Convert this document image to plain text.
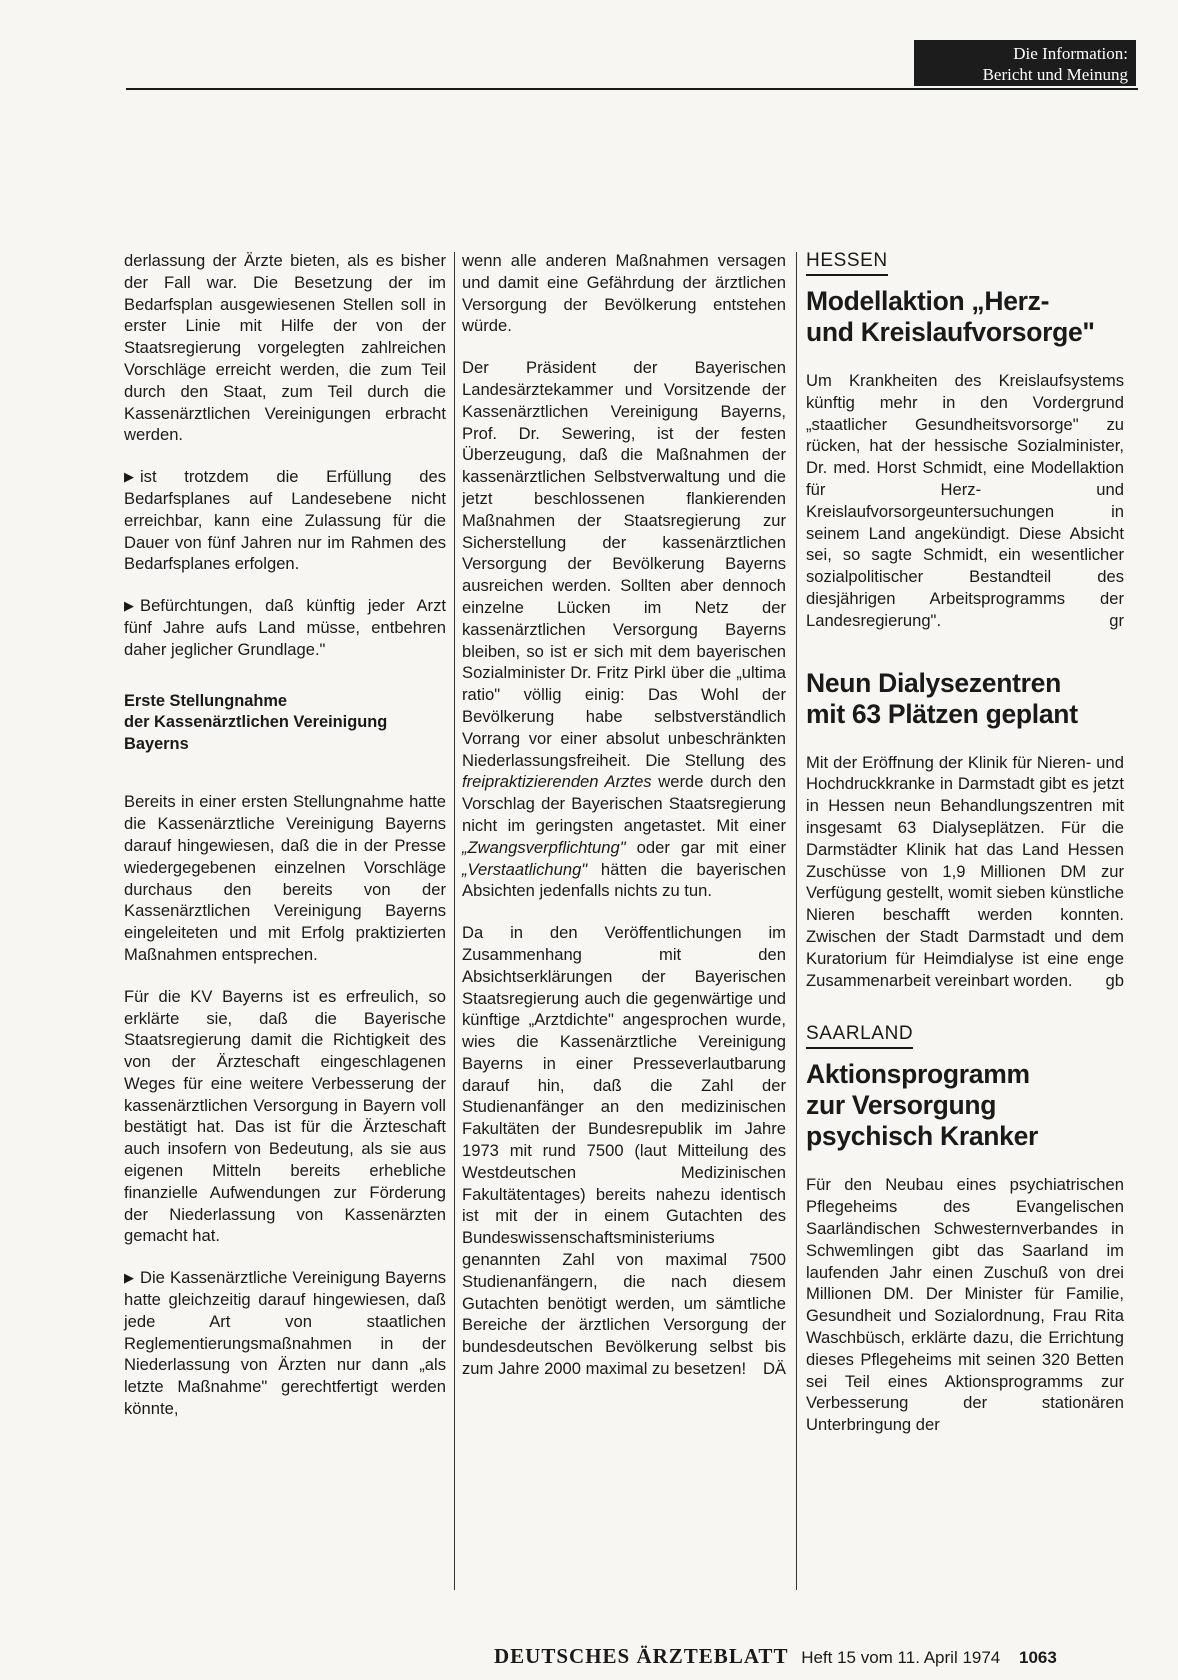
Die Information:
Bericht und Meinung

derlassung der Ärzte bieten, als es bisher der Fall war. Die Besetzung der im Bedarfsplan ausgewiesenen Stellen soll in erster Linie mit Hilfe der von der Staatsregierung vorgelegten zahlreichen Vorschläge erreicht werden, die zum Teil durch den Staat, zum Teil durch die Kassenärztlichen Vereinigungen erbracht werden.

▶ ist trotzdem die Erfüllung des Bedarfsplanes auf Landesebene nicht erreichbar, kann eine Zulassung für die Dauer von fünf Jahren nur im Rahmen des Bedarfsplanes erfolgen.

▶ Befürchtungen, daß künftig jeder Arzt fünf Jahre aufs Land müsse, entbehren daher jeglicher Grundlage."

Erste Stellungnahme
der Kassenärztlichen Vereinigung
Bayerns

Bereits in einer ersten Stellungnahme hatte die Kassenärztliche Vereinigung Bayerns darauf hingewiesen, daß die in der Presse wiedergegebenen einzelnen Vorschläge durchaus den bereits von der Kassenärztlichen Vereinigung Bayerns eingeleiteten und mit Erfolg praktizierten Maßnahmen entsprechen.

Für die KV Bayerns ist es erfreulich, so erklärte sie, daß die Bayerische Staatsregierung damit die Richtigkeit des von der Ärzteschaft eingeschlagenen Weges für eine weitere Verbesserung der kassenärztlichen Versorgung in Bayern voll bestätigt hat. Das ist für die Ärzteschaft auch insofern von Bedeutung, als sie aus eigenen Mitteln bereits erhebliche finanzielle Aufwendungen zur Förderung der Niederlassung von Kassenärzten gemacht hat.

▶ Die Kassenärztliche Vereinigung Bayerns hatte gleichzeitig darauf hingewiesen, daß jede Art von staatlichen Reglementierungsmaßnahmen in der Niederlassung von Ärzten nur dann „als letzte Maßnahme" gerechtfertigt werden könnte,

wenn alle anderen Maßnahmen versagen und damit eine Gefährdung der ärztlichen Versorgung der Bevölkerung entstehen würde.

Der Präsident der Bayerischen Landesärztekammer und Vorsitzende der Kassenärztlichen Vereinigung Bayerns, Prof. Dr. Sewering, ist der festen Überzeugung, daß die Maßnahmen der kassenärztlichen Selbstverwaltung und die jetzt beschlossenen flankierenden Maßnahmen der Staatsregierung zur Sicherstellung der kassenärztlichen Versorgung der Bevölkerung Bayerns ausreichen werden. Sollten aber dennoch einzelne Lücken im Netz der kassenärztlichen Versorgung Bayerns bleiben, so ist er sich mit dem bayerischen Sozialminister Dr. Fritz Pirkl über die „ultima ratio" völlig einig: Das Wohl der Bevölkerung habe selbstverständlich Vorrang vor einer absolut unbeschränkten Niederlassungsfreiheit. Die Stellung des freipraktizierenden Arztes werde durch den Vorschlag der Bayerischen Staatsregierung nicht im geringsten angetastet. Mit einer „Zwangsverpflichtung" oder gar mit einer „Verstaatlichung" hätten die bayerischen Absichten jedenfalls nichts zu tun.

Da in den Veröffentlichungen im Zusammenhang mit den Absichtserklärungen der Bayerischen Staatsregierung auch die gegenwärtige und künftige „Arztdichte" angesprochen wurde, wies die Kassenärztliche Vereinigung Bayerns in einer Presseverlautbarung darauf hin, daß die Zahl der Studienanfänger an den medizinischen Fakultäten der Bundesrepublik im Jahre 1973 mit rund 7500 (laut Mitteilung des Westdeutschen Medizinischen Fakultätentages) bereits nahezu identisch ist mit der in einem Gutachten des Bundeswissenschaftsministeriums genannten Zahl von maximal 7500 Studienanfängern, die nach diesem Gutachten benötigt werden, um sämtliche Bereiche der ärztlichen Versorgung der bundesdeutschen Bevölkerung selbst bis zum Jahre 2000 maximal zu besetzen! DÄ

HESSEN
Modellaktion „Herz-
und Kreislaufvorsorge"

Um Krankheiten des Kreislaufsystems künftig mehr in den Vordergrund „staatlicher Gesundheitsvorsorge" zu rücken, hat der hessische Sozialminister, Dr. med. Horst Schmidt, eine Modellaktion für Herz- und Kreislaufvorsorgeuntersuchungen in seinem Land angekündigt. Diese Absicht sei, so sagte Schmidt, ein wesentlicher sozialpolitischer Bestandteil des diesjährigen Arbeitsprogramms der Landesregierung".	gr

Neun Dialysezentren
mit 63 Plätzen geplant

Mit der Eröffnung der Klinik für Nieren- und Hochdruckkranke in Darmstadt gibt es jetzt in Hessen neun Behandlungszentren mit insgesamt 63 Dialyseplätzen. Für die Darmstädter Klinik hat das Land Hessen Zuschüsse von 1,9 Millionen DM zur Verfügung gestellt, womit sieben künstliche Nieren beschafft werden konnten. Zwischen der Stadt Darmstadt und dem Kuratorium für Heimdialyse ist eine enge Zusammenarbeit vereinbart worden. gb

SAARLAND
Aktionsprogramm
zur Versorgung
psychisch Kranker

Für den Neubau eines psychiatrischen Pflegeheims des Evangelischen Saarländischen Schwesternverbandes in Schwemlingen gibt das Saarland im laufenden Jahr einen Zuschuß von drei Millionen DM. Der Minister für Familie, Gesundheit und Sozialordnung, Frau Rita Waschbüsch, erklärte dazu, die Errichtung dieses Pflegeheims mit seinen 320 Betten sei Teil eines Aktionsprogramms zur Verbesserung der stationären Unterbringung der

DEUTSCHES ÄRZTEBLATT Heft 15 vom 11. April 1974 1063
